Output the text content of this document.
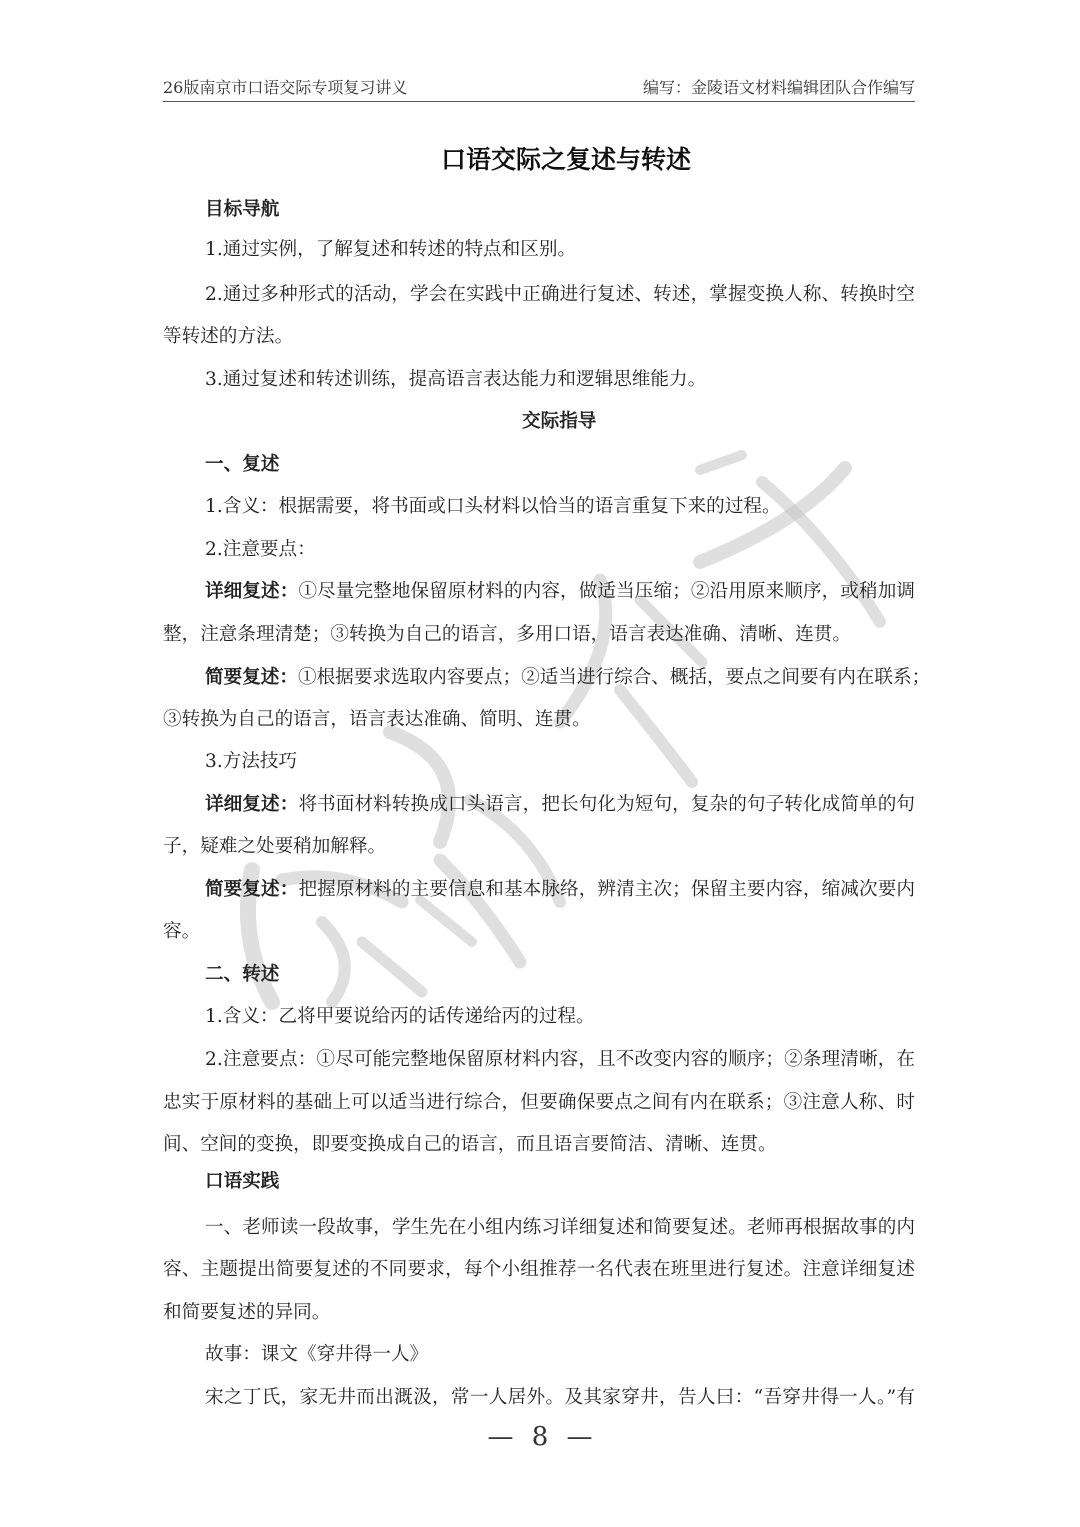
26版南京市口语交际专项复习讲义	编写：金陵语文材料编辑团队合作编写
口语交际之复述与转述
目标导航
1.通过实例，了解复述和转述的特点和区别。
2.通过多种形式的活动，学会在实践中正确进行复述、转述，掌握变换人称、转换时空
等转述的方法。
3.通过复述和转述训练，提高语言表达能力和逻辑思维能力。
交际指导
一、复述
1.含义：根据需要，将书面或口头材料以恰当的语言重复下来的过程。
2.注意要点：
详细复述：①尽量完整地保留原材料的内容，做适当压缩；②沿用原来顺序，或稍加调
整，注意条理清楚；③转换为自己的语言，多用口语，语言表达准确、清晰、连贯。
简要复述：①根据要求选取内容要点；②适当进行综合、概括，要点之间要有内在联系；
③转换为自己的语言，语言表达准确、简明、连贯。
3.方法技巧
详细复述：将书面材料转换成口头语言，把长句化为短句，复杂的句子转化成简单的句
子，疑难之处要稍加解释。
简要复述：把握原材料的主要信息和基本脉络，辨清主次；保留主要内容，缩减次要内
容。
二、转述
1.含义：乙将甲要说给丙的话传递给丙的过程。
2.注意要点：①尽可能完整地保留原材料内容，且不改变内容的顺序；②条理清晰，在
忠实于原材料的基础上可以适当进行综合，但要确保要点之间有内在联系；③注意人称、时
间、空间的变换，即要变换成自己的语言，而且语言要简洁、清晰、连贯。
口语实践
一、老师读一段故事，学生先在小组内练习详细复述和简要复述。老师再根据故事的内
容、主题提出简要复述的不同要求，每个小组推荐一名代表在班里进行复述。注意详细复述
和简要复述的异同。
故事：课文《穿井得一人》
宋之丁氏，家无井而出溉汲，常一人居外。及其家穿井，告人曰：“吾穿井得一人。”有
— 8 —
